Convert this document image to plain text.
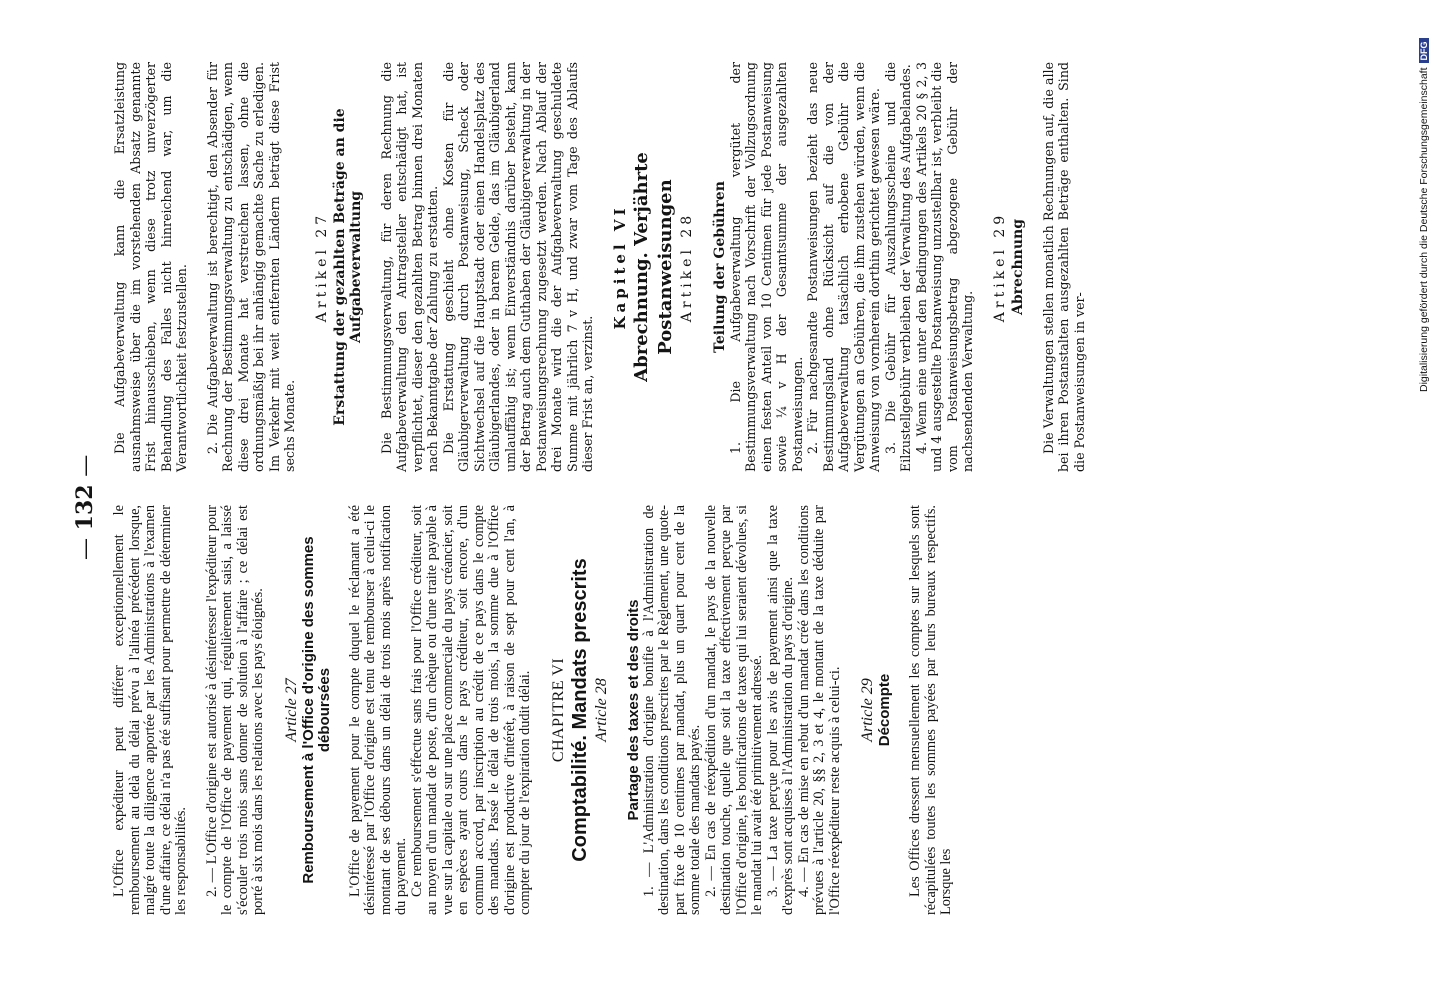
— 132 —

L'Office expéditeur peut différer exceptionnellement le remboursement au delà du délai prévu à l'alinéa précédent lorsque, malgré toute la diligence apportée par les Administrations à l'examen d'une affaire, ce délai n'a pas été suffisant pour permettre de déterminer les responsabilités. 2. — L'Office d'origine est autorisé à désintéresser l'expéditeur pour le compte de l'Office de payement qui, régulièrement saisi, a laissé s'écouler trois mois sans donner de solution à l'affaire ; ce délai est porté à six mois dans les relations avec les pays éloignés. Article 27 Remboursement à l'Office d'origine des sommes déboursées L'Office de payement pour le compte duquel le réclamant a été désintéressé par l'Office d'origine est tenu de rembourser à celui-ci le montant de ses débours dans un délai de trois mois après notification du payement. Ce remboursement s'effectue sans frais pour l'Office créditeur, soit au moyen d'un mandat de poste, d'un chèque ou d'une traite payable à vue sur la capitale ou sur une place commerciale du pays créancier, soit en espèces ayant cours dans le pays créditeur, soit encore, d'un commun accord, par inscription au crédit de ce pays dans le compte des mandats. Passé le délai de trois mois, la somme due à l'Office d'origine est productive d'intérêt, à raison de sept pour cent l'an, à compter du jour de l'expiration dudit délai. CHAPITRE VI Comptabilité. Mandats prescrits Article 28 Partage des taxes et des droits 1. — L'Administration d'origine bonifie à l'Administration de destination, dans les conditions prescrites par le Règlement, une quote-part fixe de 10 centimes par mandat, plus un quart pour cent de la somme totale des mandats payés. 2. — En cas de réexpédition d'un mandat, le pays de la nouvelle destination touche, quelle que soit la taxe effectivement perçue par l'Office d'origine, les bonifications de taxes qui lui seraient dévolues, si le mandat lui avait été primitivement adressé. 3. — La taxe perçue pour les avis de payement ainsi que la taxe d'exprès sont acquises à l'Administration du pays d'origine. 4. — En cas de mise en rebut d'un mandat créé dans les conditions prévues à l'article 20, §§ 2, 3 et 4, le montant de la taxe déduite par l'Office réexpéditeur reste acquis à celui-ci. Article 29 Décompte Les Offices dressent mensuellement les comptes sur lesquels sont récapitulées toutes les sommes payées par leurs bureaux respectifs. Lorsque les

Die Aufgabeverwaltung kann die Ersatzleistung ausnahmsweise über die im vorstehenden Absatz genannte Frist hinausschieben, wenn diese trotz unverzögerter Behandlung des Falles nicht hinreichend war, um die Verantwortlichkeit festzustellen. 2. Die Aufgabeverwaltung ist berechtigt, den Absender für Rechnung der Bestimmungsverwaltung zu entschädigen, wenn diese drei Monate hat verstreichen lassen, ohne die ordnungsmäßig bei ihr anhängig gemachte Sache zu erledigen. Im Verkehr mit weit entfernten Ländern beträgt diese Frist sechs Monate.

Artikel 27 Erstattung der gezahlten Beträge an die Aufgabeverwaltung Die Bestimmungsverwaltung, für deren Rechnung die Aufgabeverwaltung den Antragsteller entschädigt hat, ist verpflichtet, dieser den gezahlten Betrag binnen drei Monaten nach Bekanntgabe der Zahlung zu erstatten. Die Erstattung geschieht ohne Kosten für die Gläubigerverwaltung durch Postanweisung, Scheck oder Sichtwechsel auf die Hauptstadt oder einen Handelsplatz des Gläubigerlandes, oder in barem Gelde, das im Gläubigerland umlauffähig ist; wenn Einverständnis darüber besteht, kann der Betrag auch dem Guthaben der Gläubigerverwaltung in der Postanweisungsrechnung zugesetzt werden. Nach Ablauf der drei Monate wird die der Aufgabeverwaltung geschuldete Summe mit jährlich 7 v H, und zwar vom Tage des Ablaufs dieser Frist an, verzinst.

Kapitel VI Abrechnung. Verjährte Postanweisungen Artikel 28 Teilung der Gebühren 1. Die Aufgabeverwaltung vergütet der Bestimmungsverwaltung nach Vorschrift der Vollzugsordnung einen festen Anteil von 10 Centimen für jede Postanweisung sowie ¼ v H der Gesamtsumme der ausgezahlten Postanweisungen. 2. Für nachgesandte Postanweisungen bezieht das neue Bestimmungsland ohne Rücksicht auf die von der Aufgabeverwaltung tatsächlich erhobene Gebühr die Vergütungen an Gebühren, die ihm zustehen würden, wenn die Anweisung von vornherein dorthin gerichtet gewesen wäre. 3. Die Gebühr für Auszahlungsscheine und die Eilzustellgebühr verbleiben der Verwaltung des Aufgabelandes. 4. Wenn eine unter den Bedingungen des Artikels 20 § 2, 3 und 4 ausgestellte Postanweisung unzustellbar ist, verbleibt die vom Postanweisungsbetrag abgezogene Gebühr der nachsendenden Verwaltung.

Artikel 29 Abrechnung Die Verwaltungen stellen monatlich Rechnungen auf, die alle bei ihren Postanstalten ausgezahlten Beträge enthalten. Sind die Postanweisungen in ver-	Digitalisierung gefördert durch die Deutsche ForschungsgemeinschaftDFG
